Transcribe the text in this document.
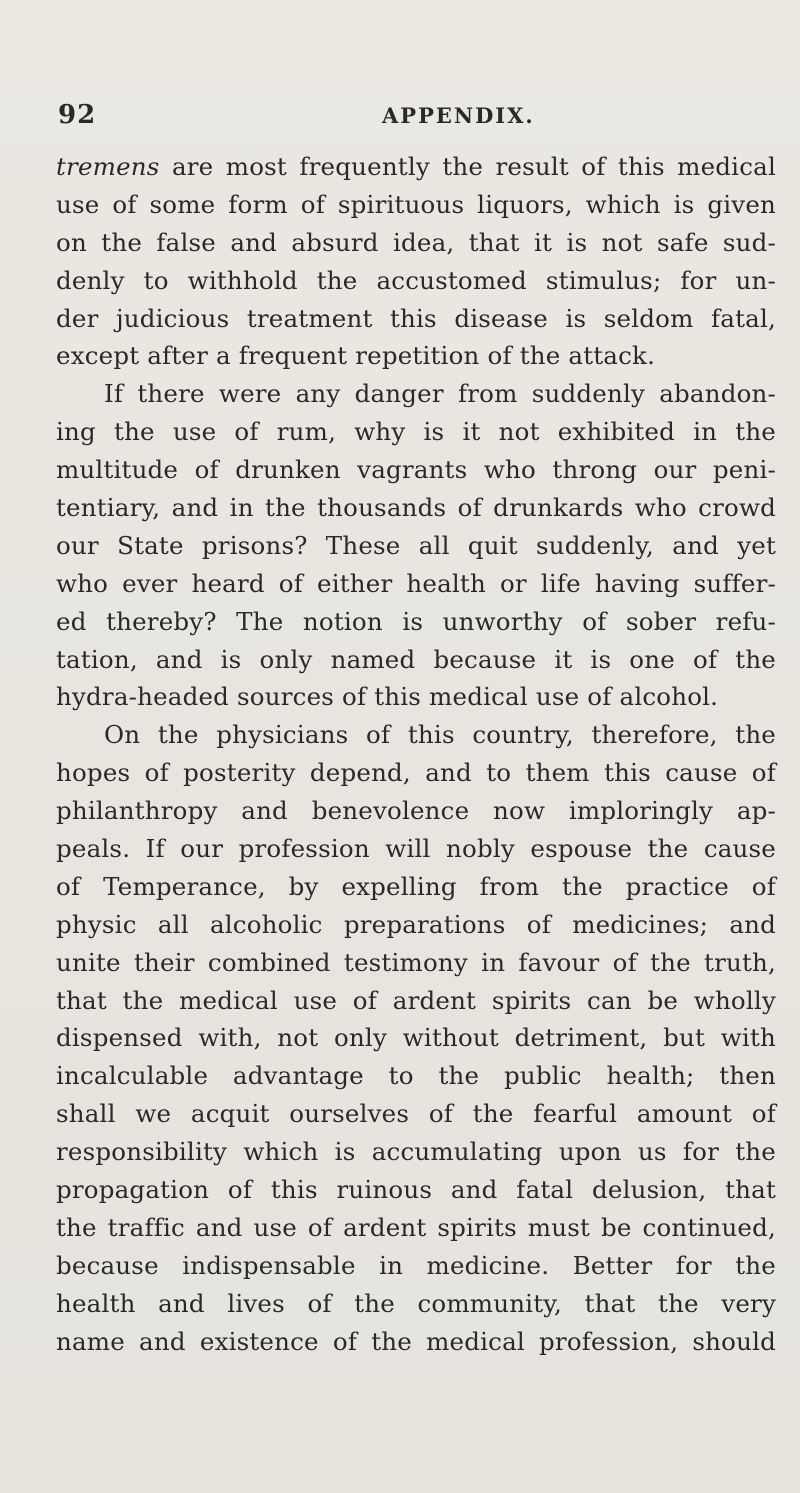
92	APPENDIX.
tremens are most frequently the result of this medical
use of some form of spirituous liquors, which is given
on the false and absurd idea, that it is not safe sud-
denly to withhold the accustomed stimulus; for un-
der judicious treatment this disease is seldom fatal,
except after a frequent repetition of the attack.
If there were any danger from suddenly abandon-
ing the use of rum, why is it not exhibited in the
multitude of drunken vagrants who throng our peni-
tentiary, and in the thousands of drunkards who crowd
our State prisons? These all quit suddenly, and yet
who ever heard of either health or life having suffer-
ed thereby? The notion is unworthy of sober refu-
tation, and is only named because it is one of the
hydra-headed sources of this medical use of alcohol.
On the physicians of this country, therefore, the
hopes of posterity depend, and to them this cause of
philanthropy and benevolence now imploringly ap-
peals. If our profession will nobly espouse the cause
of Temperance, by expelling from the practice of
physic all alcoholic preparations of medicines; and
unite their combined testimony in favour of the truth,
that the medical use of ardent spirits can be wholly
dispensed with, not only without detriment, but with
incalculable advantage to the public health; then
shall we acquit ourselves of the fearful amount of
responsibility which is accumulating upon us for the
propagation of this ruinous and fatal delusion, that
the traffic and use of ardent spirits must be continued,
because indispensable in medicine. Better for the
health and lives of the community, that the very
name and existence of the medical profession, should
